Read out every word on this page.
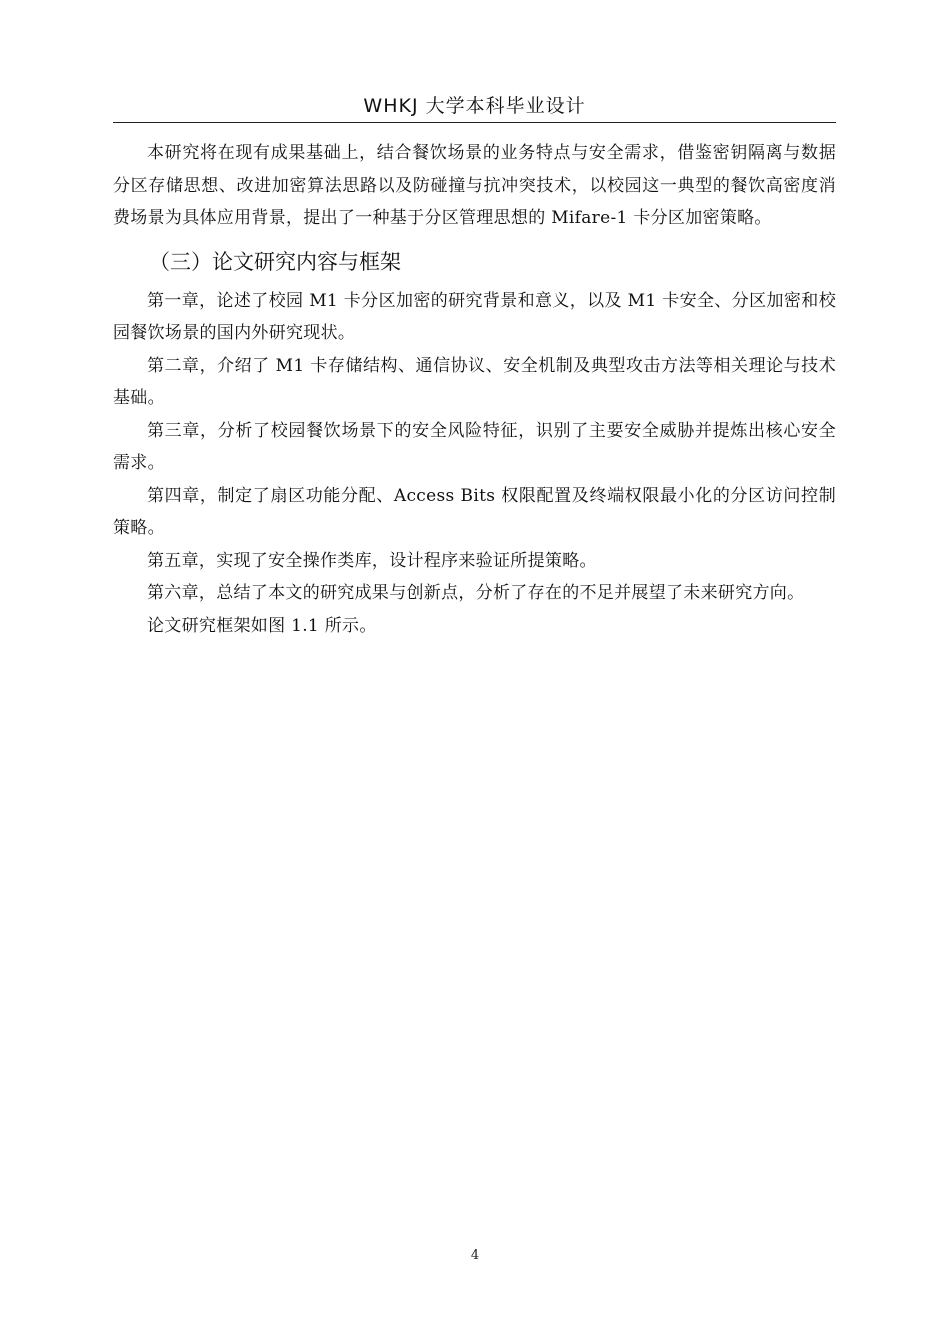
WHKJ 大学本科毕业设计

本研究将在现有成果基础上，结合餐饮场景的业务特点与安全需求，借鉴密钥隔离与数据分区存储思想、改进加密算法思路以及防碰撞与抗冲突技术，以校园这一典型的餐饮高密度消费场景为具体应用背景，提出了一种基于分区管理思想的 Mifare-1 卡分区加密策略。

（三）论文研究内容与框架

第一章，论述了校园 M1 卡分区加密的研究背景和意义，以及 M1 卡安全、分区加密和校园餐饮场景的国内外研究现状。

第二章，介绍了 M1 卡存储结构、通信协议、安全机制及典型攻击方法等相关理论与技术基础。

第三章，分析了校园餐饮场景下的安全风险特征，识别了主要安全威胁并提炼出核心安全需求。

第四章，制定了扇区功能分配、Access Bits 权限配置及终端权限最小化的分区访问控制策略。

第五章，实现了安全操作类库，设计程序来验证所提策略。

第六章，总结了本文的研究成果与创新点，分析了存在的不足并展望了未来研究方向。

论文研究框架如图 1.1 所示。

4
